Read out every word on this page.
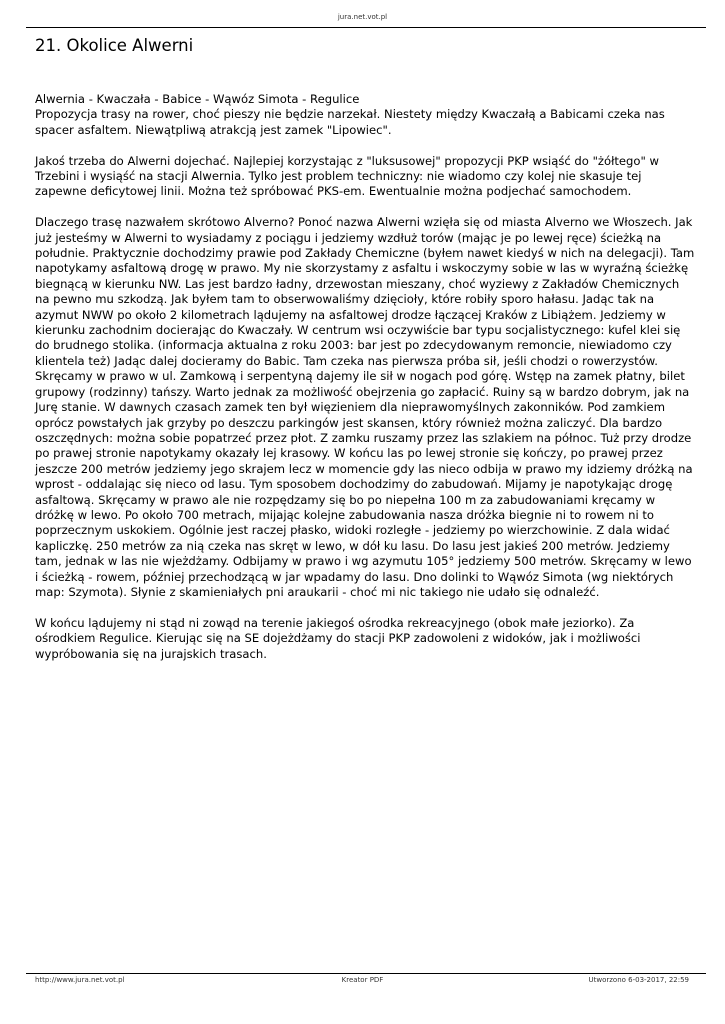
jura.net.vot.pl
21. Okolice Alwerni

Alwernia - Kwaczała - Babice - Wąwóz Simota - Regulice

Propozycja trasy na rower, choć pieszy nie będzie narzekał. Niestety między Kwaczałą a Babicami czeka nas spacer asfaltem. Niewątpliwą atrakcją jest zamek "Lipowiec".

Jakoś trzeba do Alwerni dojechać. Najlepiej korzystając z "luksusowej" propozycji PKP wsiąść do "żółtego" w Trzebini i wysiąść na stacji Alwernia. Tylko jest problem techniczny: nie wiadomo czy kolej nie skasuje tej zapewne deficytowej linii. Można też spróbować PKS-em. Ewentualnie można podjechać samochodem.

Dlaczego trasę nazwałem skrótowo Alverno? Ponoć nazwa Alwerni wzięła się od miasta Alverno we Włoszech. Jak już jesteśmy w Alwerni to wysiadamy z pociągu i jedziemy wzdłuż torów (mając je po lewej ręce) ścieżką na południe. Praktycznie dochodzimy prawie pod Zakłady Chemiczne (byłem nawet kiedyś w nich na delegacji). Tam napotykamy asfaltową drogę w prawo. My nie skorzystamy z asfaltu i wskoczymy sobie w las w wyraźną ścieżkę biegnącą w kierunku NW. Las jest bardzo ładny, drzewostan mieszany, choć wyziewy z Zakładów Chemicznych na pewno mu szkodzą. Jak byłem tam to obserwowaliśmy dzięcioły, które robiły sporo hałasu. Jadąc tak na azymut NWW po około 2 kilometrach lądujemy na asfaltowej drodze łączącej Kraków z Libiążem. Jedziemy w kierunku zachodnim docierając do Kwaczały. W centrum wsi oczywiście bar typu socjalistycznego: kufel klei się do brudnego stolika. (informacja aktualna z roku 2003: bar jest po zdecydowanym remoncie, niewiadomo czy klientela też) Jadąc dalej docieramy do Babic. Tam czeka nas pierwsza próba sił, jeśli chodzi o rowerzystów. Skręcamy w prawo w ul. Zamkową i serpentyną dajemy ile sił w nogach pod górę. Wstęp na zamek płatny, bilet grupowy (rodzinny) tańszy. Warto jednak za możliwość obejrzenia go zapłacić. Ruiny są w bardzo dobrym, jak na Jurę stanie. W dawnych czasach zamek ten był więzieniem dla nieprawomyślnych zakonników. Pod zamkiem oprócz powstałych jak grzyby po deszczu parkingów jest skansen, który również można zaliczyć. Dla bardzo oszczędnych: można sobie popatrzeć przez płot. Z zamku ruszamy przez las szlakiem na północ. Tuż przy drodze po prawej stronie napotykamy okazały lej krasowy. W końcu las po lewej stronie się kończy, po prawej przez jeszcze 200 metrów jedziemy jego skrajem lecz w momencie gdy las nieco odbija w prawo my idziemy dróżką na wprost - oddalając się nieco od lasu. Tym sposobem dochodzimy do zabudowań. Mijamy je napotykając drogę asfaltową. Skręcamy w prawo ale nie rozpędzamy się bo po niepełna 100 m za zabudowaniami kręcamy w dróżkę w lewo. Po około 700 metrach, mijając kolejne zabudowania nasza dróżka biegnie ni to rowem ni to poprzecznym uskokiem. Ogólnie jest raczej płasko, widoki rozległe - jedziemy po wierzchowinie. Z dala widać kapliczkę. 250 metrów za nią czeka nas skręt w lewo, w dół ku lasu. Do lasu jest jakieś 200 metrów. Jedziemy tam, jednak w las nie wjeżdżamy. Odbijamy w prawo i wg azymutu 105° jedziemy 500 metrów. Skręcamy w lewo i ścieżką - rowem, później przechodzącą w jar wpadamy do lasu. Dno dolinki to Wąwóz Simota (wg niektórych map: Szymota). Słynie z skamieniałych pni araukarii - choć mi nic takiego nie udało się odnaleźć.

W końcu lądujemy ni stąd ni zowąd na terenie jakiegoś ośrodka rekreacyjnego (obok małe jeziorko). Za ośrodkiem Regulice. Kierując się na SE dojeżdżamy do stacji PKP zadowoleni z widoków, jak i możliwości wypróbowania się na jurajskich trasach.

http://www.jura.net.vot.pl	Kreator PDF	Utworzono 6-03-2017, 22:59
